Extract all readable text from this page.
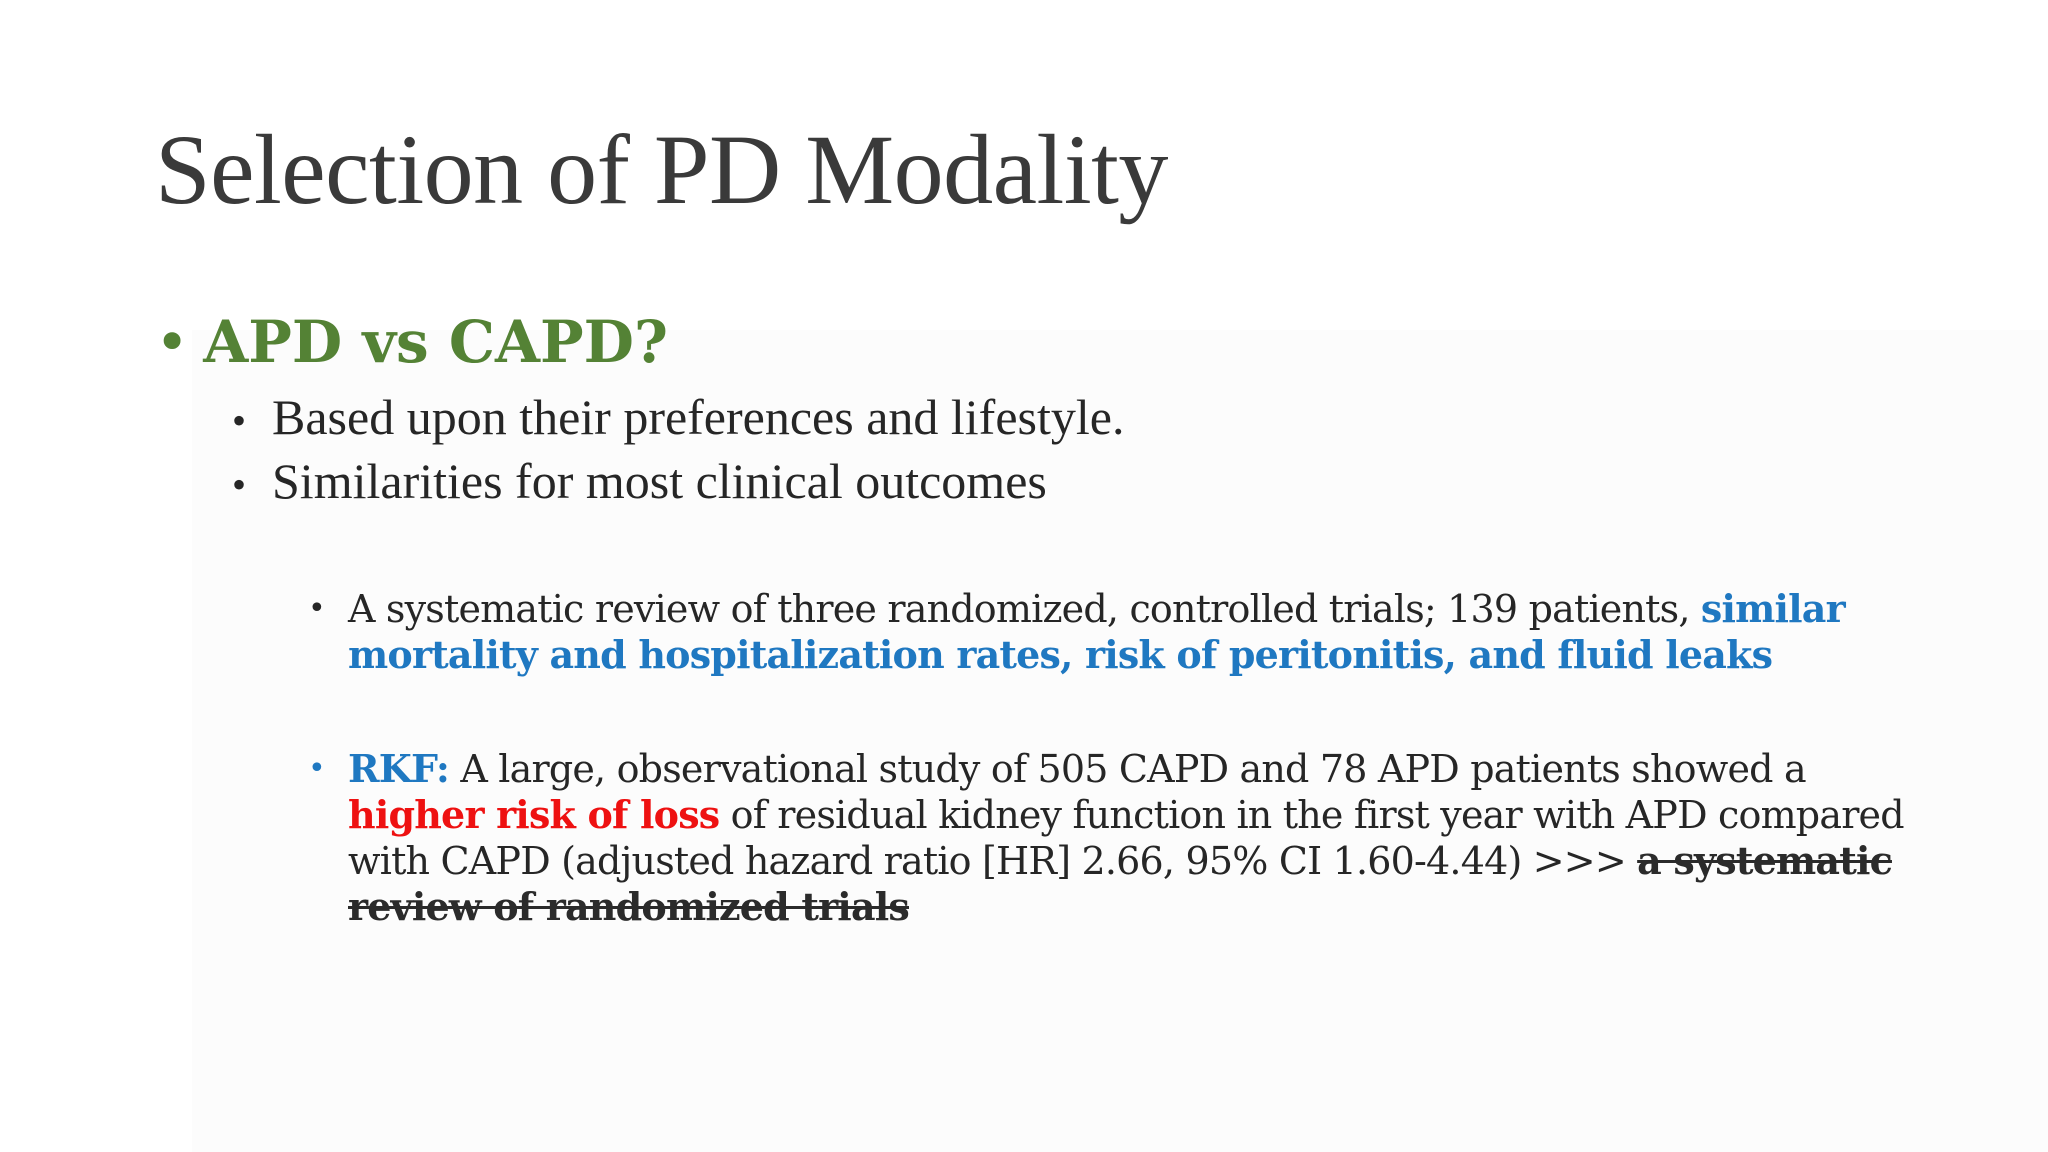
Selection of PD Modality
• APD vs CAPD?
• Based upon their preferences and lifestyle.
• Similarities for most clinical outcomes
• A systematic review of three randomized, controlled trials; 139 patients, similar mortality and hospitalization rates, risk of peritonitis, and fluid leaks
• RKF: A large, observational study of 505 CAPD and 78 APD patients showed a higher risk of loss of residual kidney function in the first year with APD compared with CAPD (adjusted hazard ratio [HR] 2.66, 95% CI 1.60-4.44) >>> a systematic review of randomized trials
